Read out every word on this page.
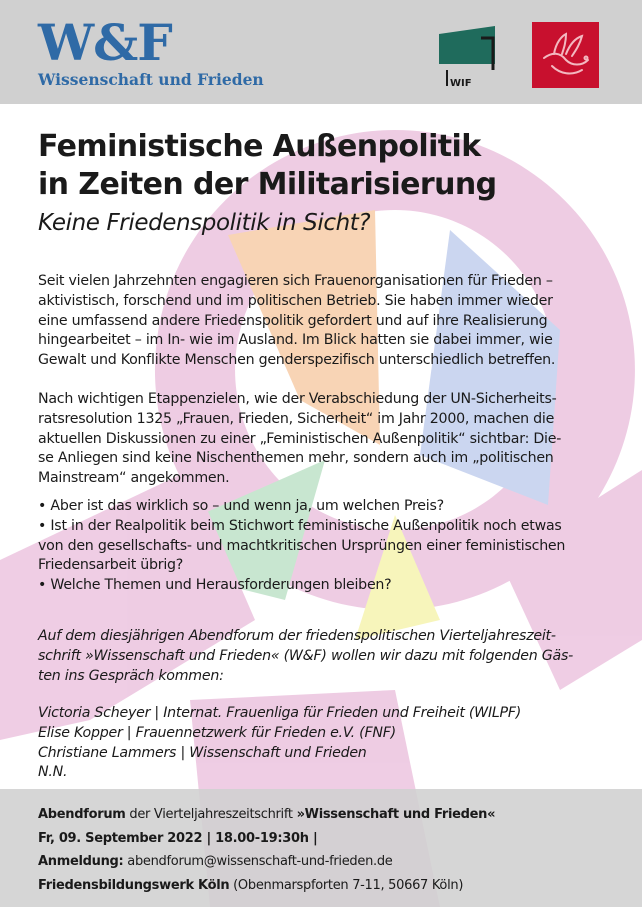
W&F
Wissenschaft und Frieden	WIF
Feministische Außenpolitik
in Zeiten der Militarisierung
Keine Friedenspolitik in Sicht?
Seit vielen Jahrzehnten engagieren sich Frauenorganisationen für Frieden –
aktivistisch, forschend und im politischen Betrieb. Sie haben immer wieder
eine umfassend andere Friedenspolitik gefordert und auf ihre Realisierung
hingearbeitet – im In- wie im Ausland. Im Blick hatten sie dabei immer, wie
Gewalt und Konflikte Menschen genderspezifisch unterschiedlich betreffen.
Nach wichtigen Etappenzielen, wie der Verabschiedung der UN-Sicherheits-
ratsresolution 1325 „Frauen, Frieden, Sicherheit“ im Jahr 2000, machen die
aktuellen Diskussionen zu einer „Feministischen Außenpolitik“ sichtbar: Die-
se Anliegen sind keine Nischenthemen mehr, sondern auch im „politischen
Mainstream“ angekommen.
• Aber ist das wirklich so – und wenn ja, um welchen Preis?
• Ist in der Realpolitik beim Stichwort feministische Außenpolitik noch etwas
von den gesellschafts- und machtkritischen Ursprüngen einer feministischen
Friedensarbeit übrig?
• Welche Themen und Herausforderungen bleiben?
Auf dem diesjährigen Abendforum der friedenspolitischen Vierteljahreszeit-
schrift »Wissenschaft und Frieden« (W&F) wollen wir dazu mit folgenden Gäs-
ten ins Gespräch kommen:
Victoria Scheyer | Internat. Frauenliga für Frieden und Freiheit (WILPF)
Elise Kopper | Frauennetzwerk für Frieden e.V. (FNF)
Christiane Lammers | Wissenschaft und Frieden
N.N.
Abendforum der Vierteljahreszeitschrift »Wissenschaft und Frieden«
Fr, 09. September 2022 | 18.00-19:30h |
Anmeldung: abendforum@wissenschaft-und-frieden.de
Friedensbildungswerk Köln (Obenmarspforten 7-11, 50667 Köln)
